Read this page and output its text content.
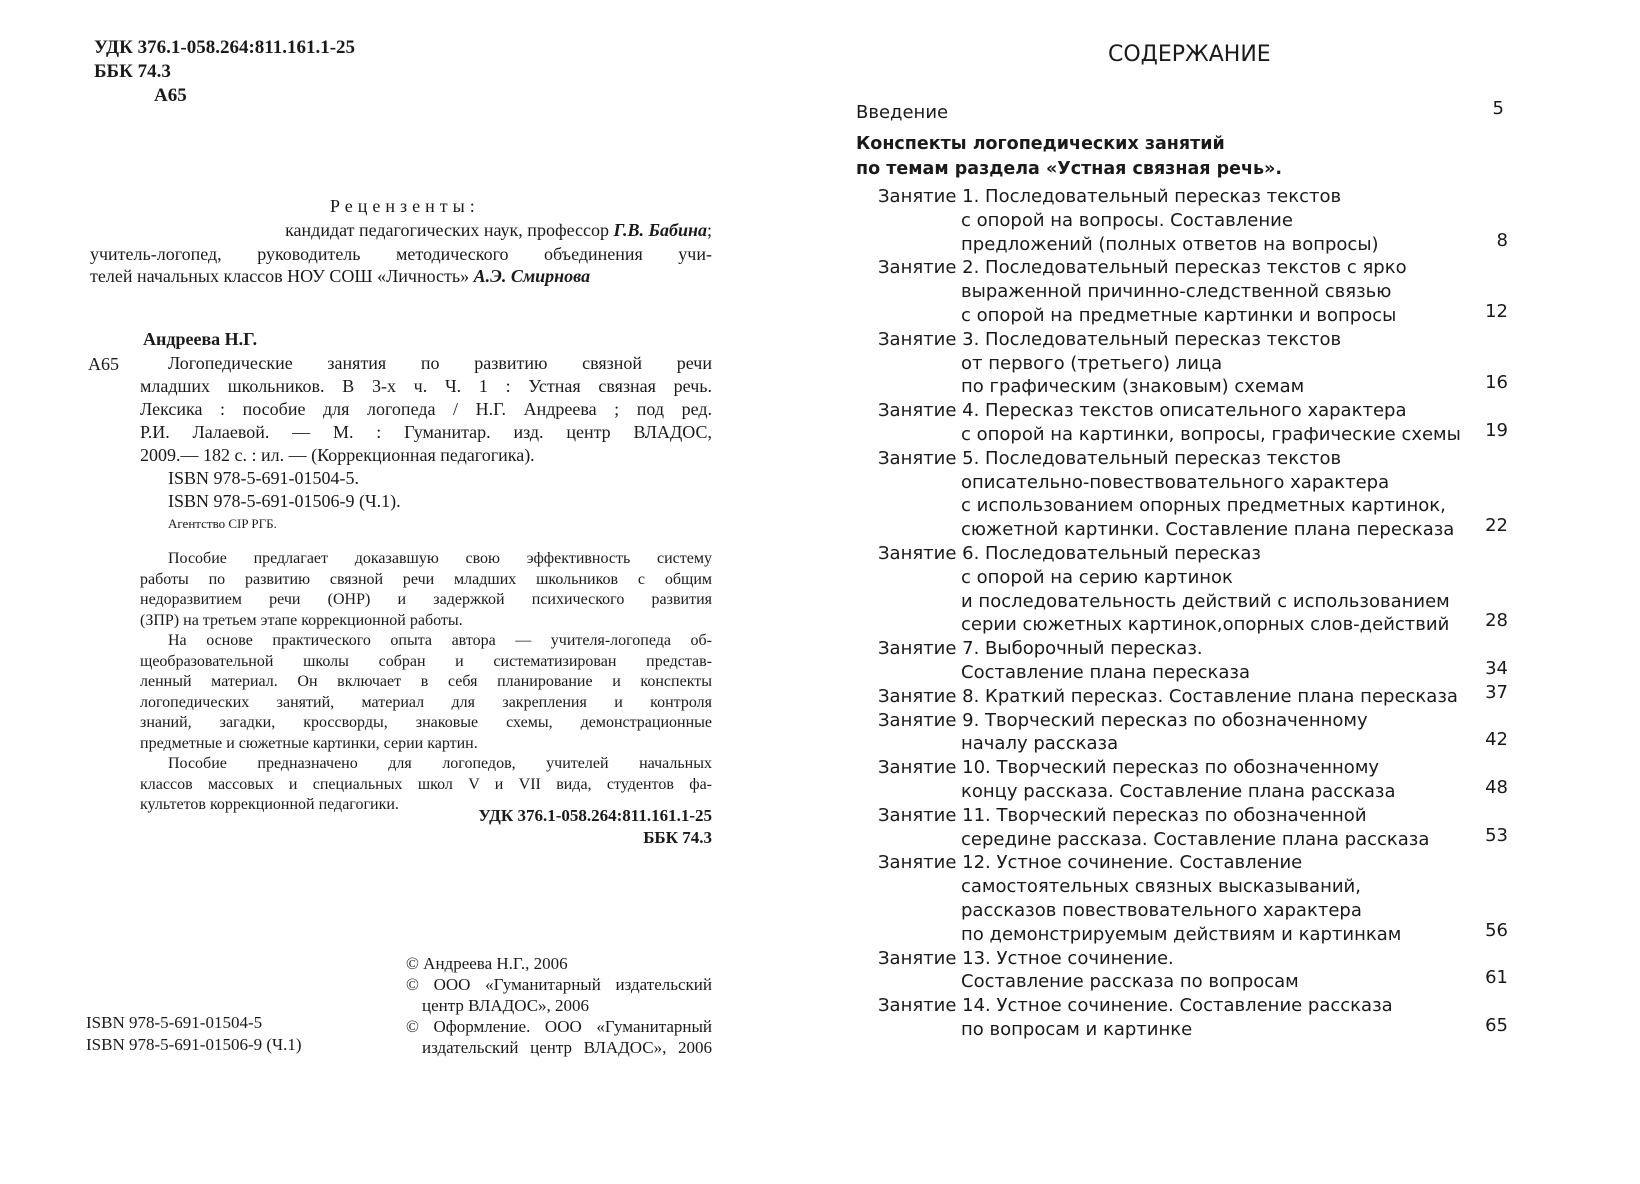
УДК 376.1-058.264:811.161.1-25
ББК 74.3
А65
Рецензенты:
кандидат педагогических наук, профессор Г.В. Бабина;
учитель-логопед, руководитель методического объединения учи-
телей начальных классов НОУ СОШ «Личность» А.Э. Смирнова
Андреева Н.Г.
А65	Логопедические занятия по развитию связной речи
младших школьников. В 3-х ч. Ч. 1 : Устная связная речь.
Лексика : пособие для логопеда / Н.Г. Андреева ; под ред.
Р.И. Лалаевой. — М. : Гуманитар. изд. центр ВЛАДОС,
2009.— 182 с. : ил. — (Коррекционная педагогика).
ISBN 978-5-691-01504-5.
ISBN 978-5-691-01506-9 (Ч.1).
Агентство CIP РГБ.
Пособие предлагает доказавшую свою эффективность систему
работы по развитию связной речи младших школьников с общим
недоразвитием речи (ОНР) и задержкой психического развития
(ЗПР) на третьем этапе коррекционной работы.
На основе практического опыта автора — учителя-логопеда об-
щеобразовательной школы собран и систематизирован представ-
ленный материал. Он включает в себя планирование и конспекты
логопедических занятий, материал для закрепления и контроля
знаний, загадки, кроссворды, знаковые схемы, демонстрационные
предметные и сюжетные картинки, серии картин.
Пособие предназначено для логопедов, учителей начальных
классов массовых и специальных школ V и VII вида, студентов фа-
культетов коррекционной педагогики.
УДК 376.1-058.264:811.161.1-25
ББК 74.3
ISBN 978-5-691-01504-5
ISBN 978-5-691-01506-9 (Ч.1)
© Андреева Н.Г., 2006
© ООО «Гуманитарный издательский
центр ВЛАДОС», 2006
© Оформление. ООО «Гуманитарный
издательский центр ВЛАДОС», 2006
СОДЕРЖАНИЕ
Введение	5
Конспекты логопедических занятий
по темам раздела «Устная связная речь».
Занятие 1. Последовательный пересказ текстов
с опорой на вопросы. Составление
предложений (полных ответов на вопросы)	8
Занятие 2. Последовательный пересказ текстов с ярко
выраженной причинно-следственной связью
с опорой на предметные картинки и вопросы	12
Занятие 3. Последовательный пересказ текстов
от первого (третьего) лица
по графическим (знаковым) схемам	16
Занятие 4. Пересказ текстов описательного характера
с опорой на картинки, вопросы, графические схемы 19
Занятие 5. Последовательный пересказ текстов
описательно-повествовательного характера
с использованием опорных предметных картинок,
сюжетной картинки. Составление плана пересказа 22
Занятие 6. Последовательный пересказ
с опорой на серию картинок
и последовательность действий с использованием
серии сюжетных картинок,опорных слов-действий 28
Занятие 7. Выборочный пересказ.
Составление плана пересказа	34
Занятие 8. Краткий пересказ. Составление плана пересказа 37
Занятие 9. Творческий пересказ по обозначенному
началу рассказа	42
Занятие 10. Творческий пересказ по обозначенному
концу рассказа. Составление плана рассказа	48
Занятие 11. Творческий пересказ по обозначенной
середине рассказа. Составление плана рассказа	53
Занятие 12. Устное сочинение. Составление
самостоятельных связных высказываний,
рассказов повествовательного характера
по демонстрируемым действиям и картинкам	56
Занятие 13. Устное сочинение.
Составление рассказа по вопросам	61
Занятие 14. Устное сочинение. Составление рассказа
по вопросам и картинке	65
